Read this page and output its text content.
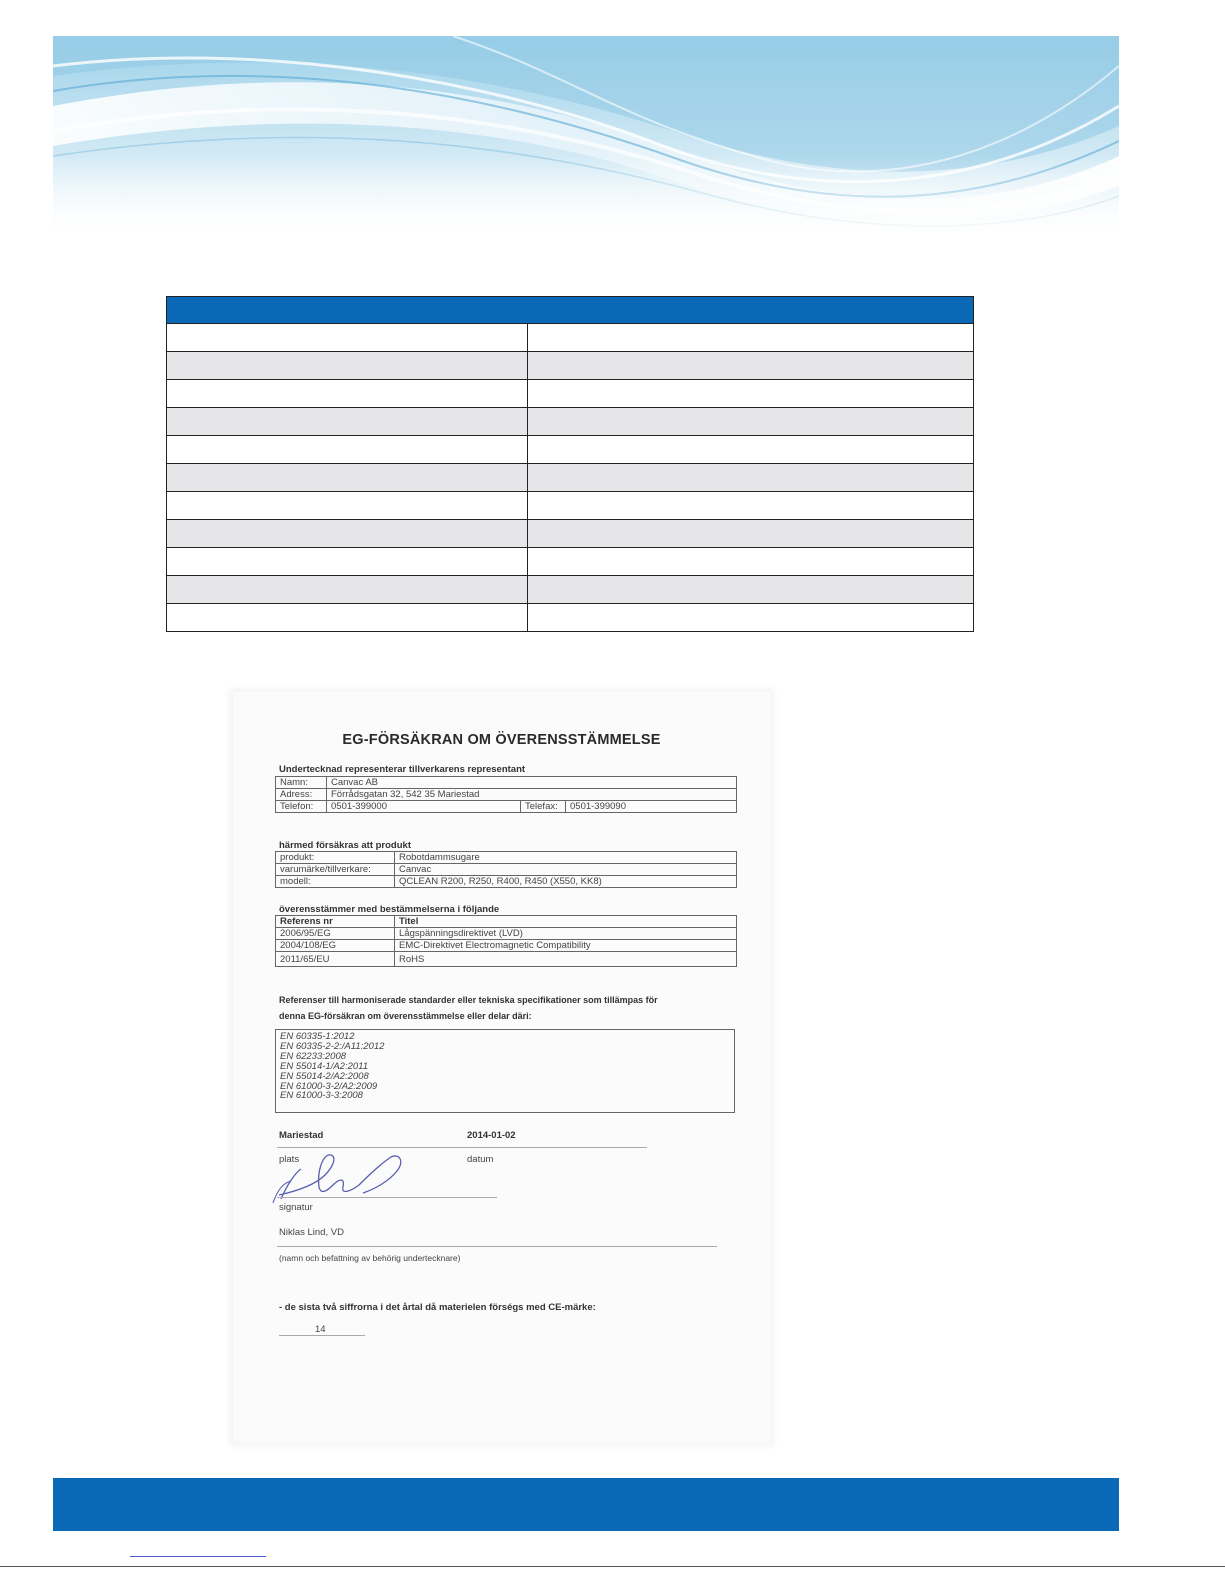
EG-FÖRSÄKRAN OM ÖVERENSSTÄMMELSE
Undertecknad representerar tillverkarens representant
Namn:	Canvac AB		
Adress:	Förrådsgatan 32, 542 35 Mariestad		
Telefon:	0501-399000	Telefax:	0501-399090
härmed försäkras att produkt
produkt:	Robotdammsugare
varumärke/tillverkare:	Canvac
modell:	QCLEAN R200, R250, R400, R450 (X550, KK8)
överensstämmer med bestämmelserna i följande
Referens nr	Titel
2006/95/EG	Lågspänningsdirektivet (LVD)
2004/108/EG	EMC-Direktivet Electromagnetic Compatibility
2011/65/EU	RoHS
Referenser till harmoniserade standarder eller tekniska specifikationer som tillämpas för
denna EG-försäkran om överensstämmelse eller delar däri:
EN 60335-1:2012
EN 60335-2-2:/A11:2012
EN 62233:2008
EN 55014-1/A2:2011
EN 55014-2/A2:2008
EN 61000-3-2/A2:2009
EN 61000-3-3:2008
Mariestad	2014-01-02
plats	datum
signatur
Niklas Lind, VD
(namn och befattning av behörig undertecknare)
- de sista två siffrorna i det årtal då materielen förségs med CE-märke:
14
